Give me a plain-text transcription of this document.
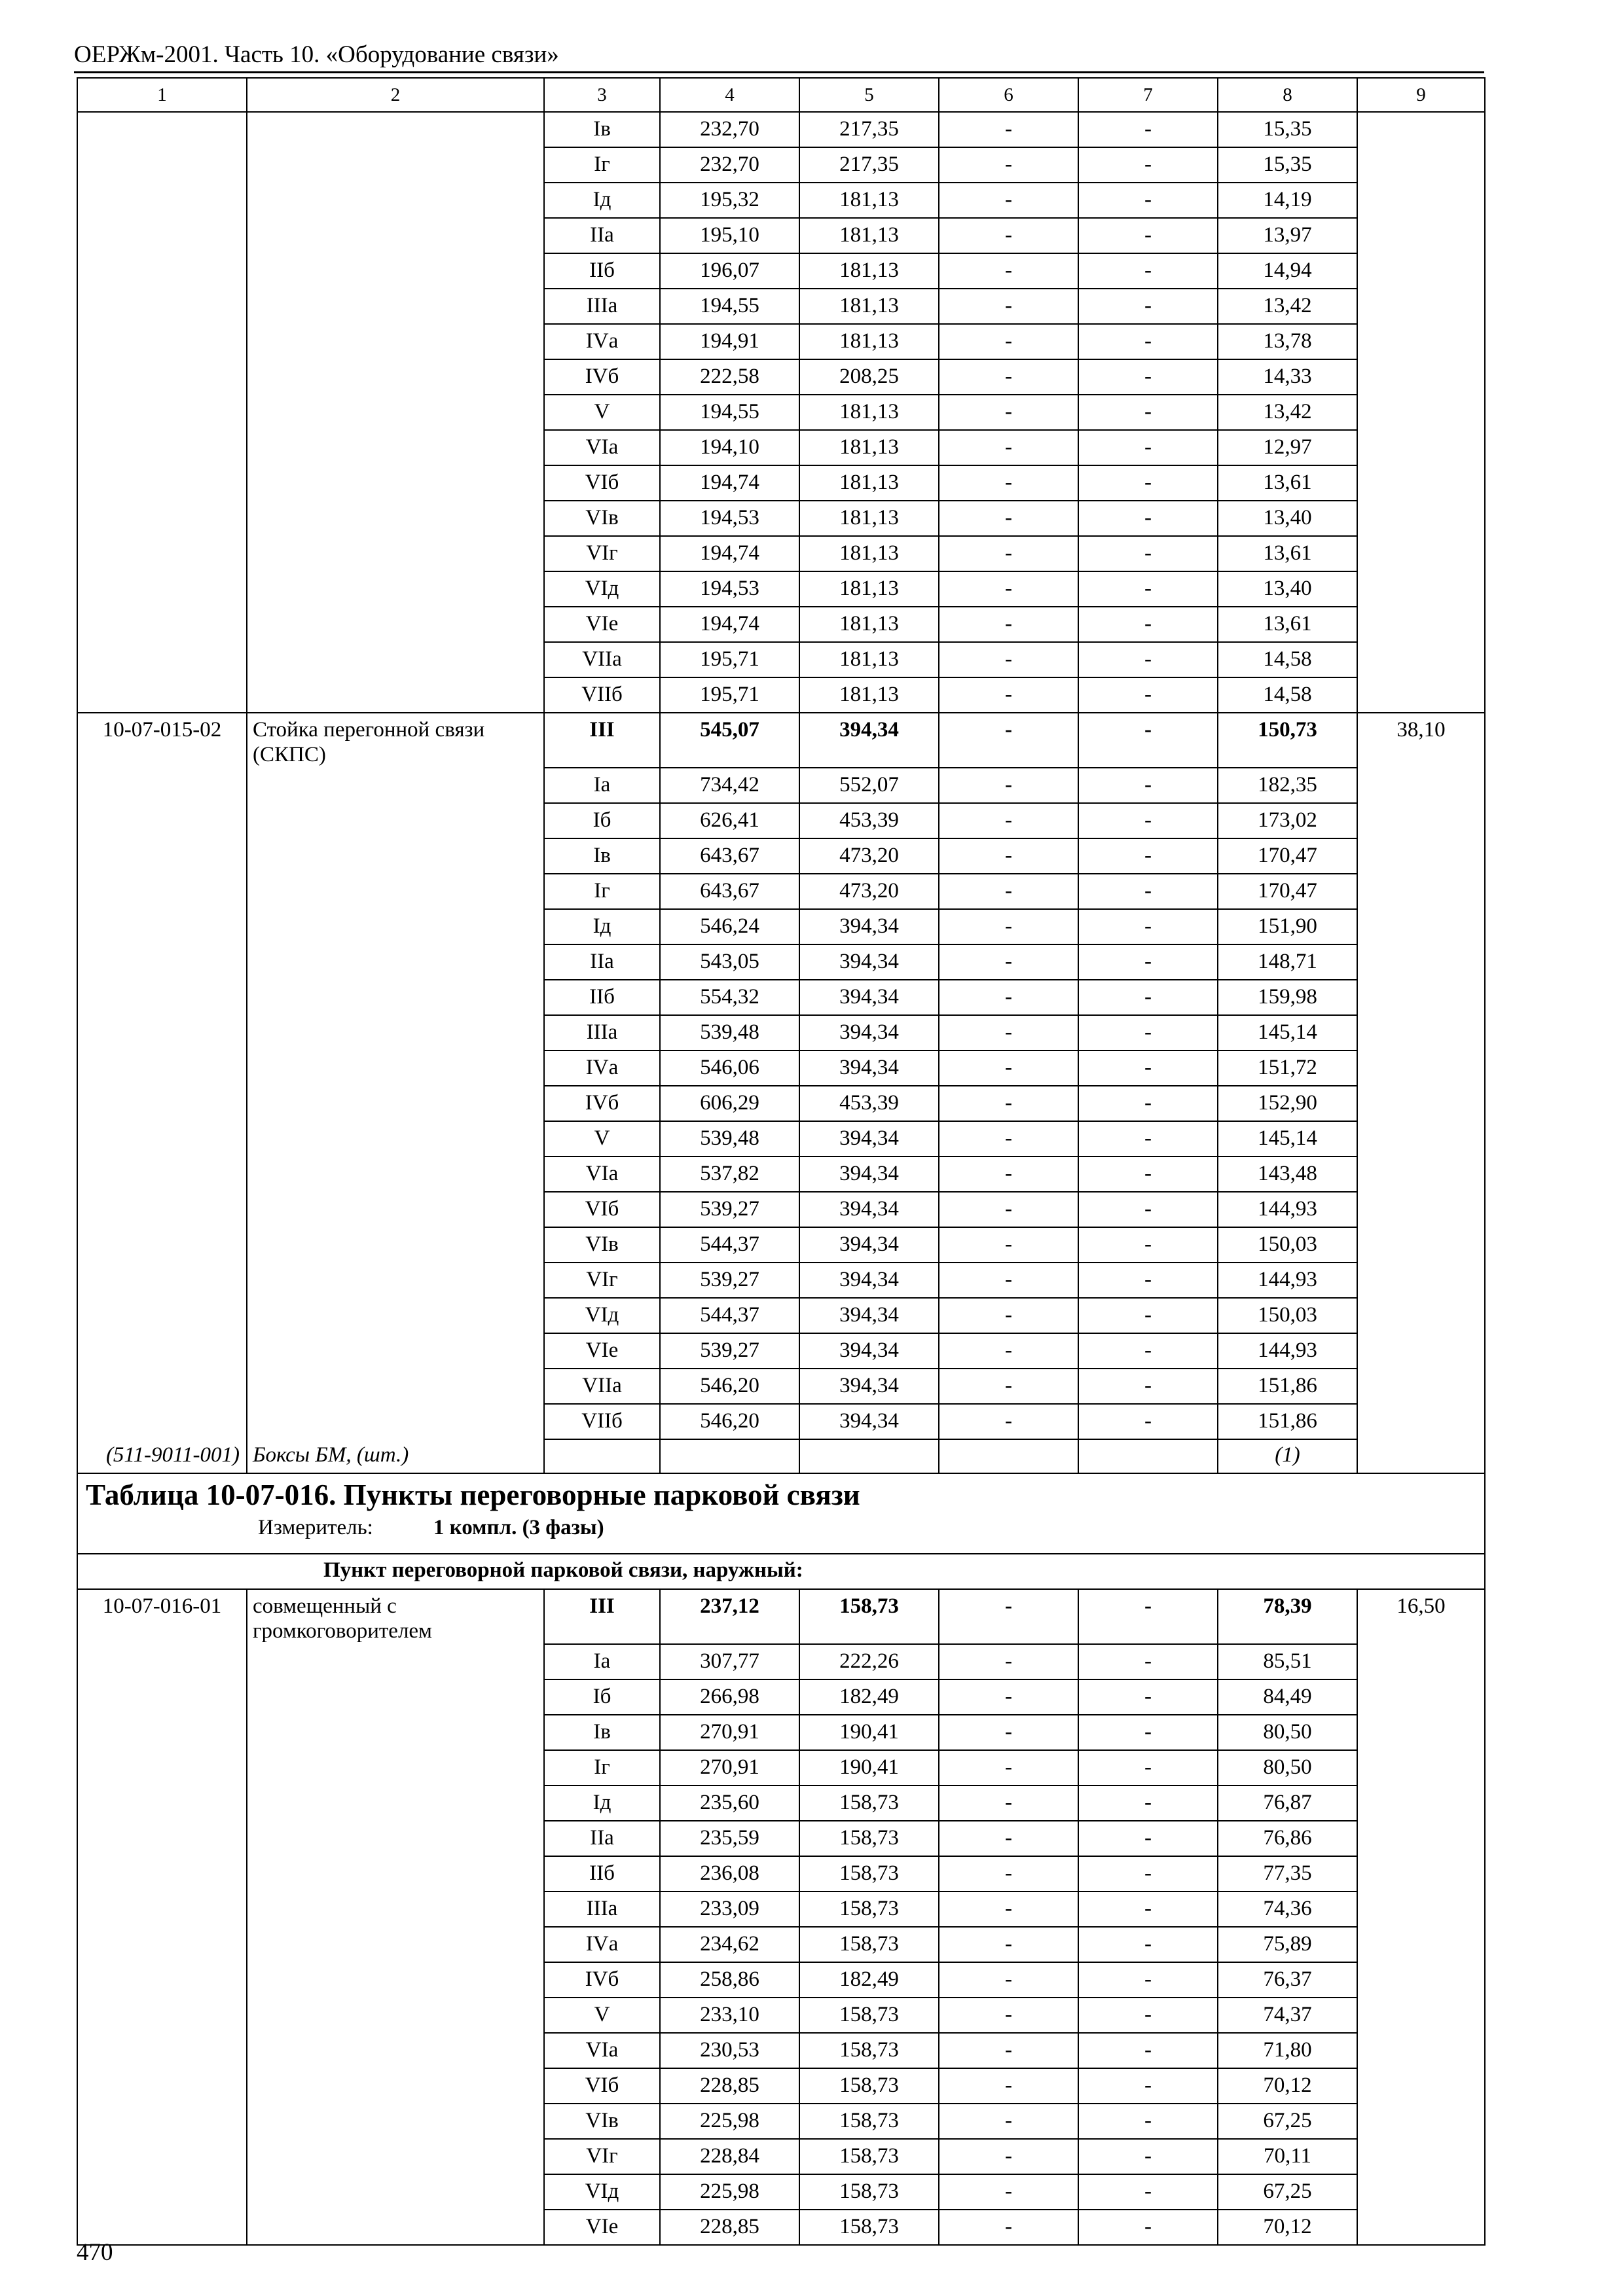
ОЕРЖм-2001. Часть 10. «Оборудование связи»
1	2	3	4	5	6	7	8	9
		Iв	232,70	217,35	-	-	15,35	
		Iг	232,70	217,35	-	-	15,35	
		Iд	195,32	181,13	-	-	14,19	
		IIа	195,10	181,13	-	-	13,97	
		IIб	196,07	181,13	-	-	14,94	
		IIIа	194,55	181,13	-	-	13,42	
		IVа	194,91	181,13	-	-	13,78	
		IVб	222,58	208,25	-	-	14,33	
		V	194,55	181,13	-	-	13,42	
		VIа	194,10	181,13	-	-	12,97	
		VIб	194,74	181,13	-	-	13,61	
		VIв	194,53	181,13	-	-	13,40	
		VIг	194,74	181,13	-	-	13,61	
		VIд	194,53	181,13	-	-	13,40	
		VIе	194,74	181,13	-	-	13,61	
		VIIа	195,71	181,13	-	-	14,58	
		VIIб	195,71	181,13	-	-	14,58	
10-07-015-02	Стойка перегонной связи (СКПС)	III	545,07	394,34	-	-	150,73	38,10
		Iа	734,42	552,07	-	-	182,35	
		Iб	626,41	453,39	-	-	173,02	
		Iв	643,67	473,20	-	-	170,47	
		Iг	643,67	473,20	-	-	170,47	
		Iд	546,24	394,34	-	-	151,90	
		IIа	543,05	394,34	-	-	148,71	
		IIб	554,32	394,34	-	-	159,98	
		IIIа	539,48	394,34	-	-	145,14	
		IVа	546,06	394,34	-	-	151,72	
		IVб	606,29	453,39	-	-	152,90	
		V	539,48	394,34	-	-	145,14	
		VIа	537,82	394,34	-	-	143,48	
		VIб	539,27	394,34	-	-	144,93	
		VIв	544,37	394,34	-	-	150,03	
		VIг	539,27	394,34	-	-	144,93	
		VIд	544,37	394,34	-	-	150,03	
		VIе	539,27	394,34	-	-	144,93	
		VIIа	546,20	394,34	-	-	151,86	
		VIIб	546,20	394,34	-	-	151,86	
(511-9011-001)	Боксы БМ, (шт.)						(1)	

Таблица 10-07-016. Пункты переговорные парковой связи
Измеритель: 1 компл. (3 фазы)								

Пункт переговорной парковой связи, наружный:								
10-07-016-01	совмещенный с громкоговорителем	III	237,12	158,73	-	-	78,39	16,50
		Iа	307,77	222,26	-	-	85,51	
		Iб	266,98	182,49	-	-	84,49	
		Iв	270,91	190,41	-	-	80,50	
		Iг	270,91	190,41	-	-	80,50	
		Iд	235,60	158,73	-	-	76,87	
		IIа	235,59	158,73	-	-	76,86	
		IIб	236,08	158,73	-	-	77,35	
		IIIа	233,09	158,73	-	-	74,36	
		IVа	234,62	158,73	-	-	75,89	
		IVб	258,86	182,49	-	-	76,37	
		V	233,10	158,73	-	-	74,37	
		VIа	230,53	158,73	-	-	71,80	
		VIб	228,85	158,73	-	-	70,12	
		VIв	225,98	158,73	-	-	67,25	
		VIг	228,84	158,73	-	-	70,11	
		VIд	225,98	158,73	-	-	67,25	
		VIе	228,85	158,73	-	-	70,12	
470
